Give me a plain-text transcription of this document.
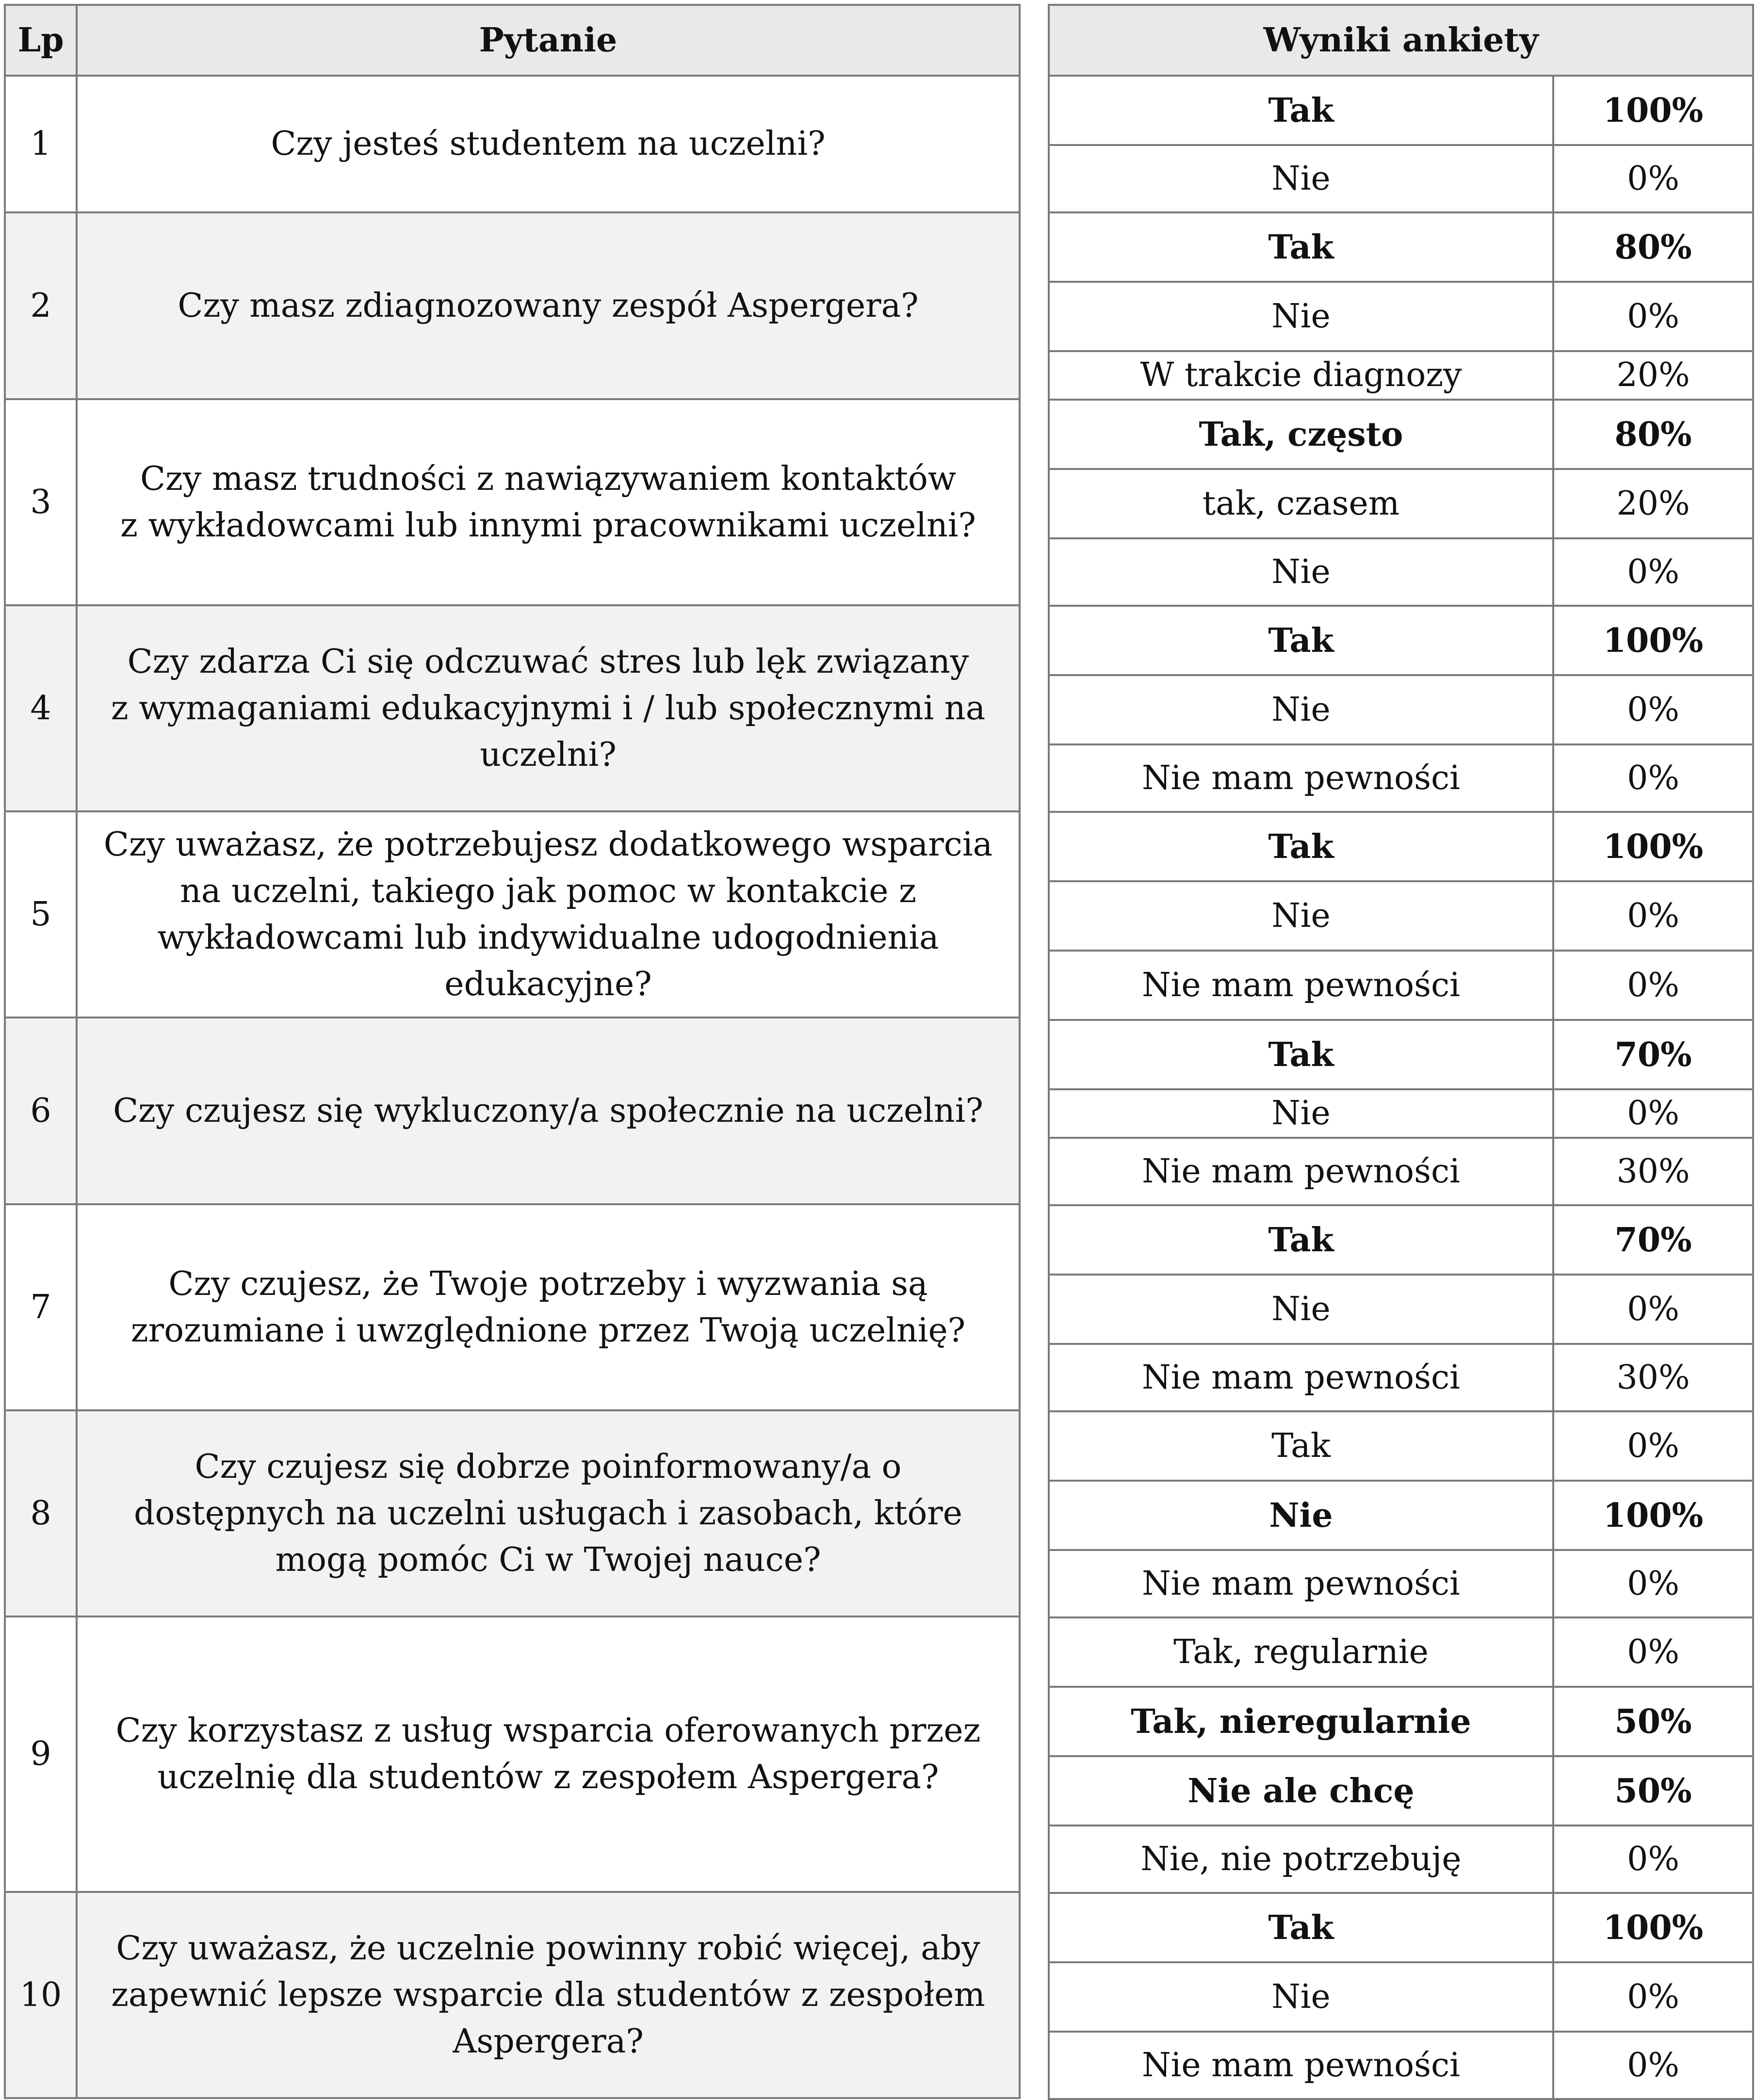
Lp	Pytanie
1	Czy jesteś studentem na uczelni?
2	Czy masz zdiagnozowany zespół Aspergera?
3	Czy masz trudności z nawiązywaniem kontaktów
z wykładowcami lub innymi pracownikami uczelni?
4	Czy zdarza Ci się odczuwać stres lub lęk związany
z wymaganiami edukacyjnymi i / lub społecznymi na
uczelni?
5	Czy uważasz, że potrzebujesz dodatkowego wsparcia
na uczelni, takiego jak pomoc w kontakcie z
wykładowcami lub indywidualne udogodnienia
edukacyjne?
6	Czy czujesz się wykluczony/a społecznie na uczelni?
7	Czy czujesz, że Twoje potrzeby i wyzwania są
zrozumiane i uwzględnione przez Twoją uczelnię?
8	Czy czujesz się dobrze poinformowany/a o
dostępnych na uczelni usługach i zasobach, które
mogą pomóc Ci w Twojej nauce?
9	Czy korzystasz z usług wsparcia oferowanych przez
uczelnię dla studentów z zespołem Aspergera?
10	Czy uważasz, że uczelnie powinny robić więcej, aby
zapewnić lepsze wsparcie dla studentów z zespołem
Aspergera?
Wyniki ankiety	
Tak	100%
Nie	0%
Tak	80%
Nie	0%
W trakcie diagnozy	20%
Tak, często	80%
tak, czasem	20%
Nie	0%
Tak	100%
Nie	0%
Nie mam pewności	0%
Tak	100%
Nie	0%
Nie mam pewności	0%
Tak	70%
Nie	0%
Nie mam pewności	30%
Tak	70%
Nie	0%
Nie mam pewności	30%
Tak	0%
Nie	100%
Nie mam pewności	0%
Tak, regularnie	0%
Tak, nieregularnie	50%
Nie ale chcę	50%
Nie, nie potrzebuję	0%
Tak	100%
Nie	0%
Nie mam pewności	0%
